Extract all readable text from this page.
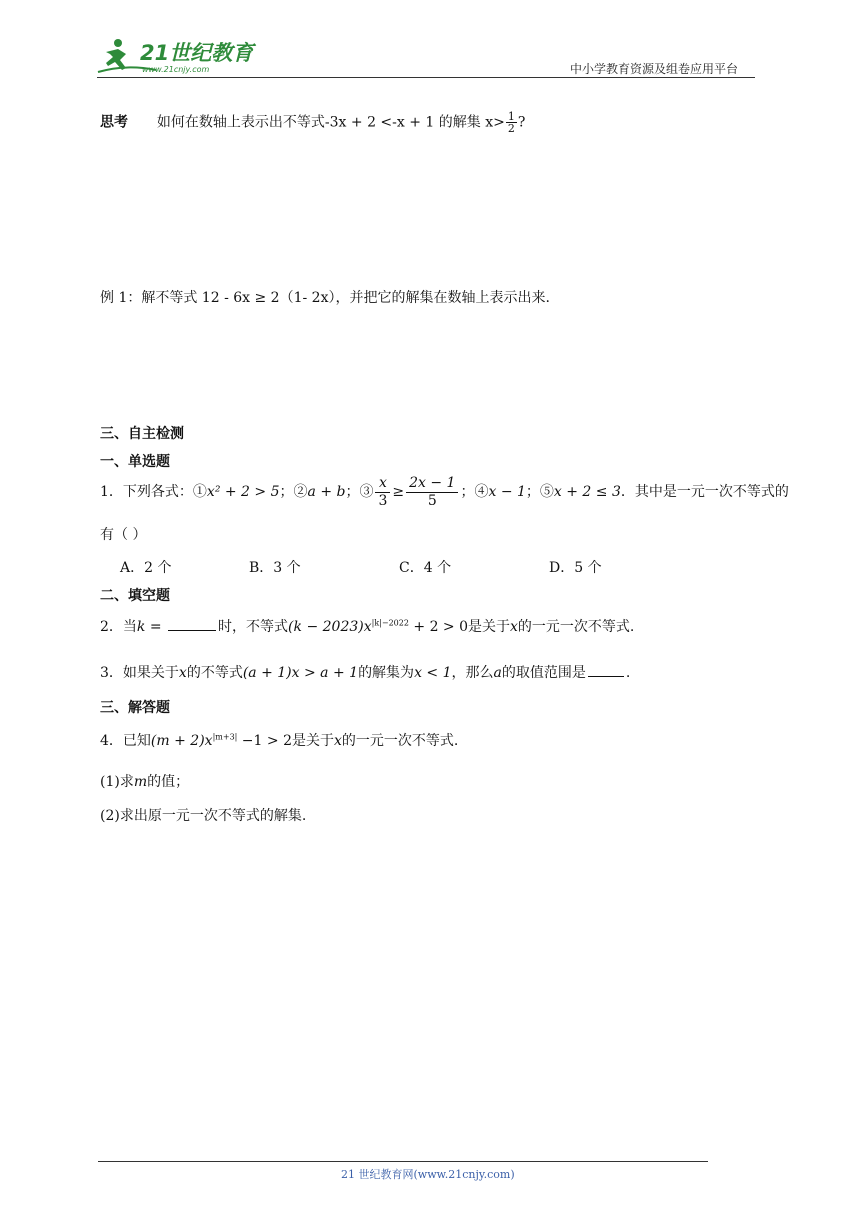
21世纪教育
www.21cnjy.com	中小学教育资源及组卷应用平台
思考 如何在数轴上表示出不等式-3x + 2 <-x + 1 的解集 $x> \frac{1}{2}$ ?
例 1：解不等式 12 - 6x ≥ 2（1- 2x），并把它的解集在数轴上表示出来.
三、自主检测
一、单选题
1．下列各式：①x² + 2 > 5；②a + b；③ $\frac{x}{3} \ge \frac{2x - 1}{5}$ ；④x − 1；⑤x + 2 ≤ 3．其中是一元一次不等式的
有（ ）
A．2 个	B．3 个	C．4 个	D．5 个
二、填空题
2．当k =	时，不等式$(k - 2023)x^{|k|-2022} + 2 > 0$是关于x的一元一次不等式.
3．如果关于x的不等式(a + 1)x > a + 1的解集为x < 1，那么a的取值范围是	.
三、解答题
4．已知$(m + 2)x^{|m+3|} -1 > 2$是关于x的一元一次不等式.
(1)求m的值；
(2)求出原一元一次不等式的解集.
21 世纪教育网(www.21cnjy.com)
